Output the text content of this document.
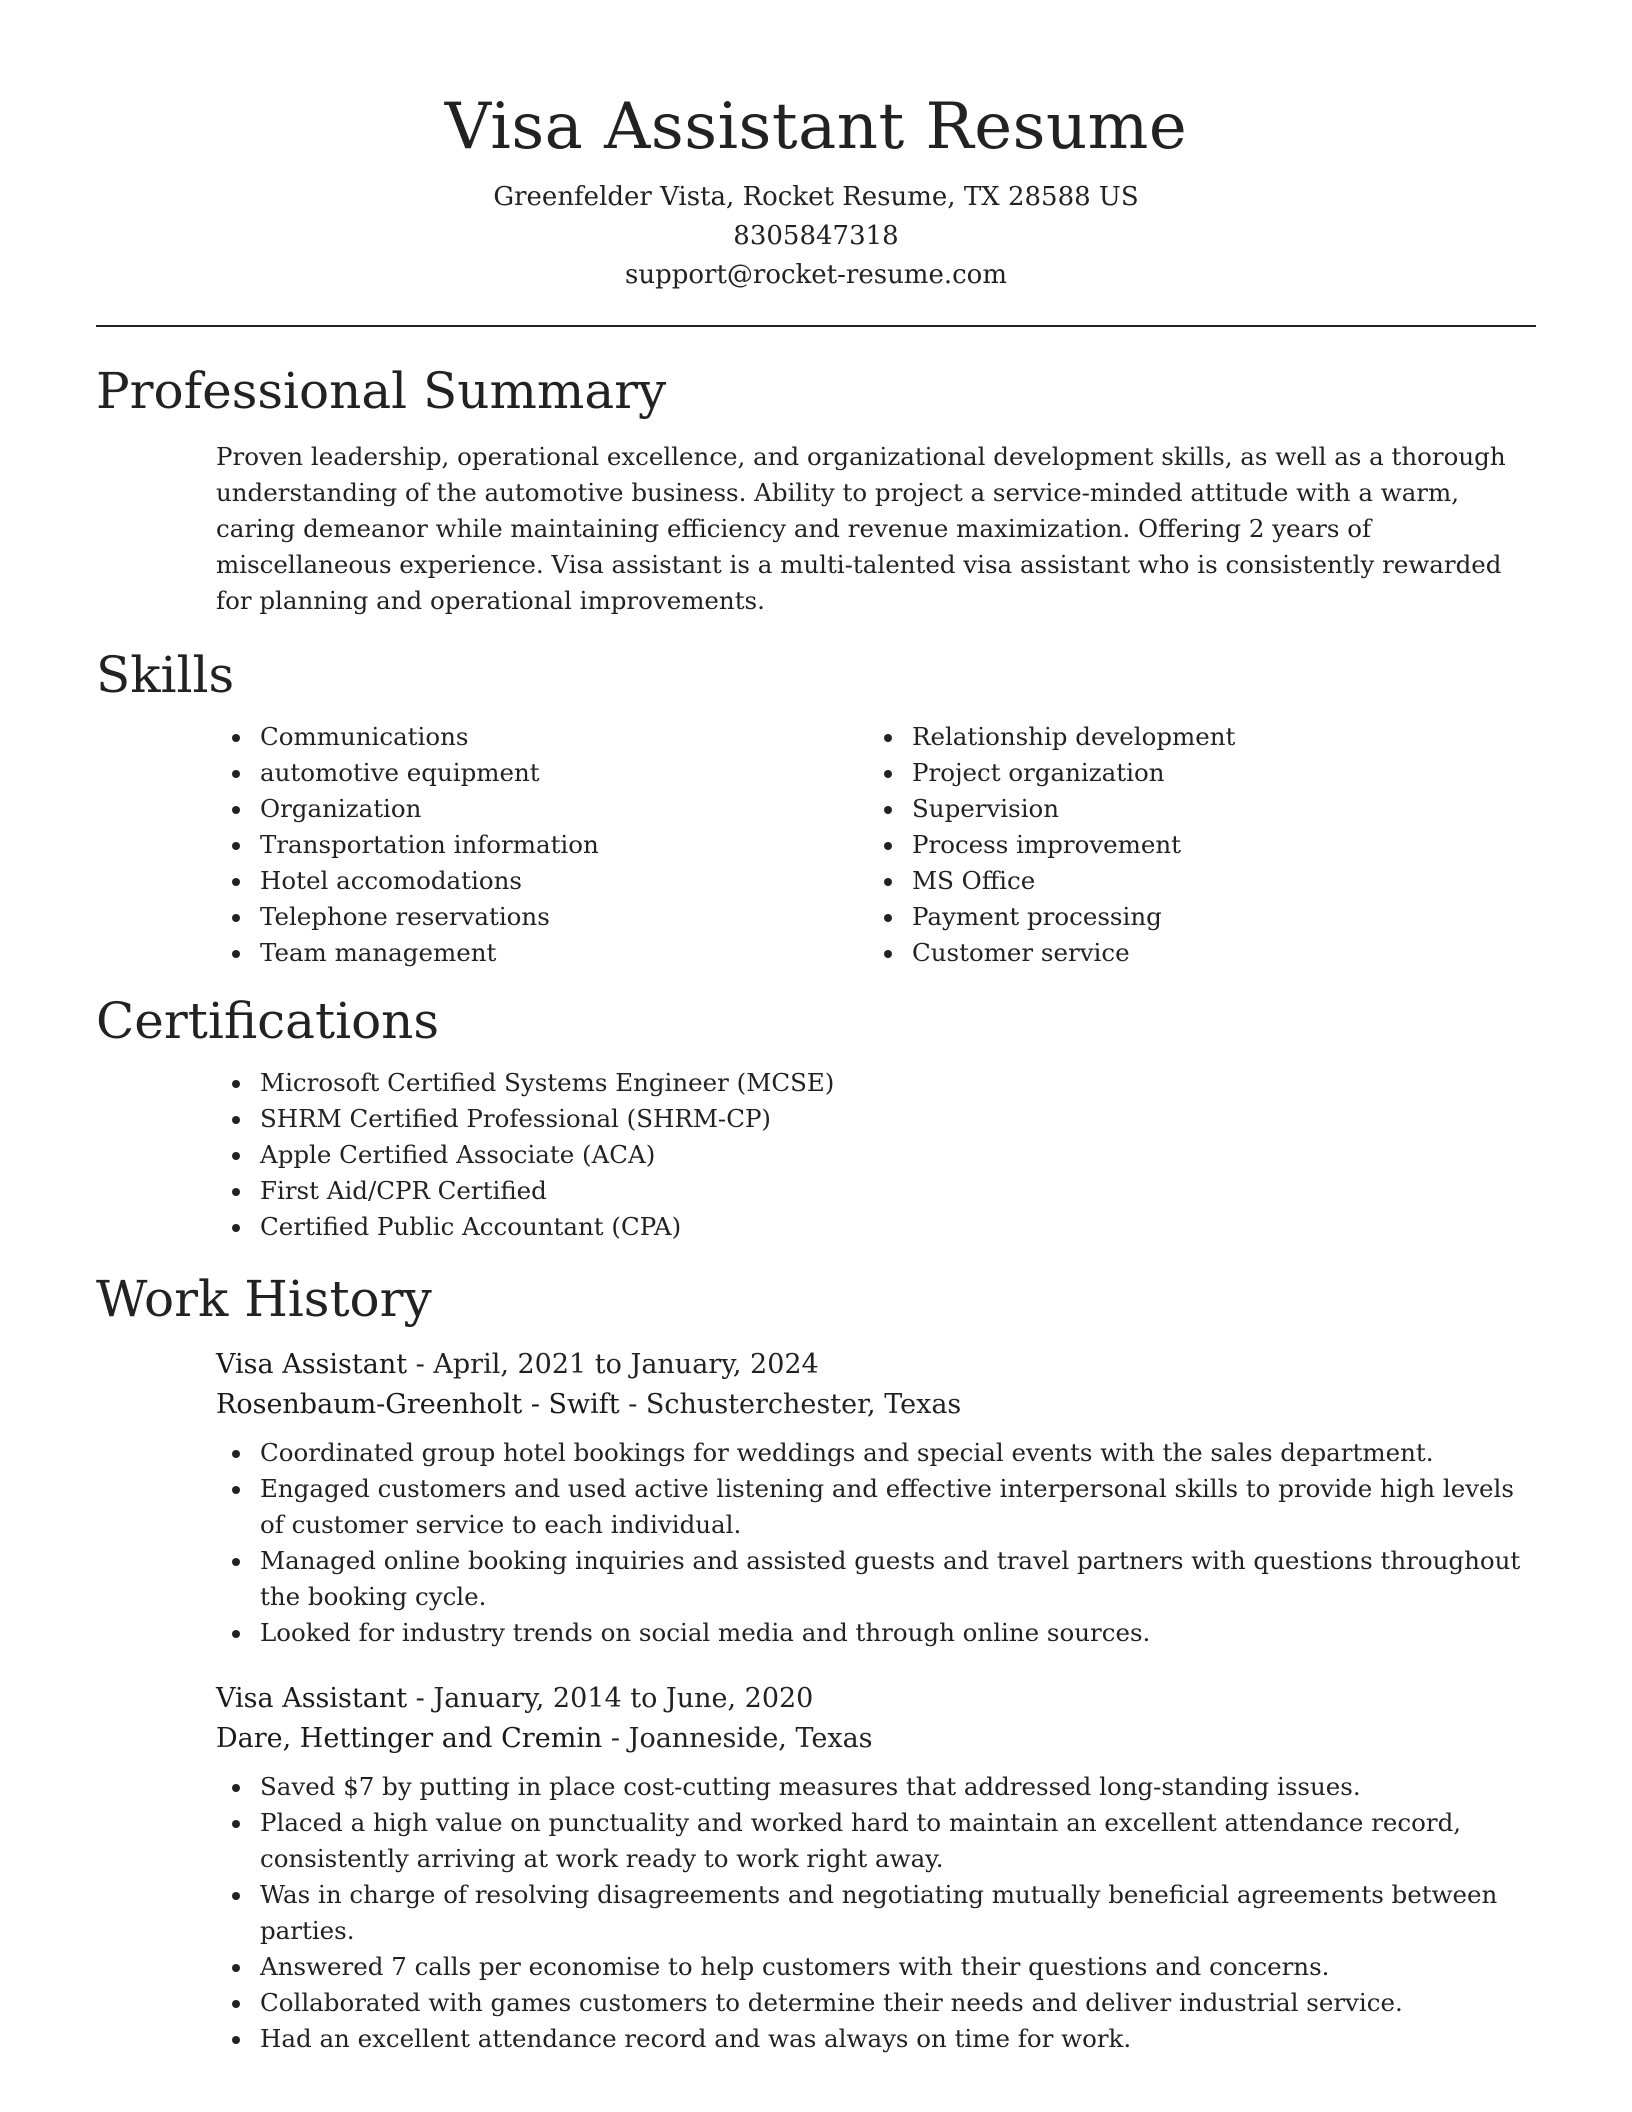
Visa Assistant Resume
Greenfelder Vista, Rocket Resume, TX 28588 US
8305847318
support@rocket-resume.com
Professional Summary

Proven leadership, operational excellence, and organizational development skills, as well as a thorough understanding of the automotive business. Ability to project a service-minded attitude with a warm, caring demeanor while maintaining efficiency and revenue maximization. Offering 2 years of miscellaneous experience. Visa assistant is a multi-talented visa assistant who is consistently rewarded for planning and operational improvements.

Skills
Communications
automotive equipment
Organization
Transportation information
Hotel accomodations
Telephone reservations
Team management
Relationship development
Project organization
Supervision
Process improvement
MS Office
Payment processing
Customer service
Certifications
Microsoft Certified Systems Engineer (MCSE)
SHRM Certified Professional (SHRM-CP)
Apple Certified Associate (ACA)
First Aid/CPR Certified
Certified Public Accountant (CPA)
Work History
Visa Assistant - April, 2021 to January, 2024
Rosenbaum-Greenholt - Swift - Schusterchester, Texas
Coordinated group hotel bookings for weddings and special events with the sales department.
Engaged customers and used active listening and effective interpersonal skills to provide high levels of customer service to each individual.
Managed online booking inquiries and assisted guests and travel partners with questions throughout the booking cycle.
Looked for industry trends on social media and through online sources.
Visa Assistant - January, 2014 to June, 2020
Dare, Hettinger and Cremin - Joanneside, Texas
Saved $7 by putting in place cost-cutting measures that addressed long-standing issues.
Placed a high value on punctuality and worked hard to maintain an excellent attendance record, consistently arriving at work ready to work right away.
Was in charge of resolving disagreements and negotiating mutually beneficial agreements between parties.
Answered 7 calls per economise to help customers with their questions and concerns.
Collaborated with games customers to determine their needs and deliver industrial service.
Had an excellent attendance record and was always on time for work.
